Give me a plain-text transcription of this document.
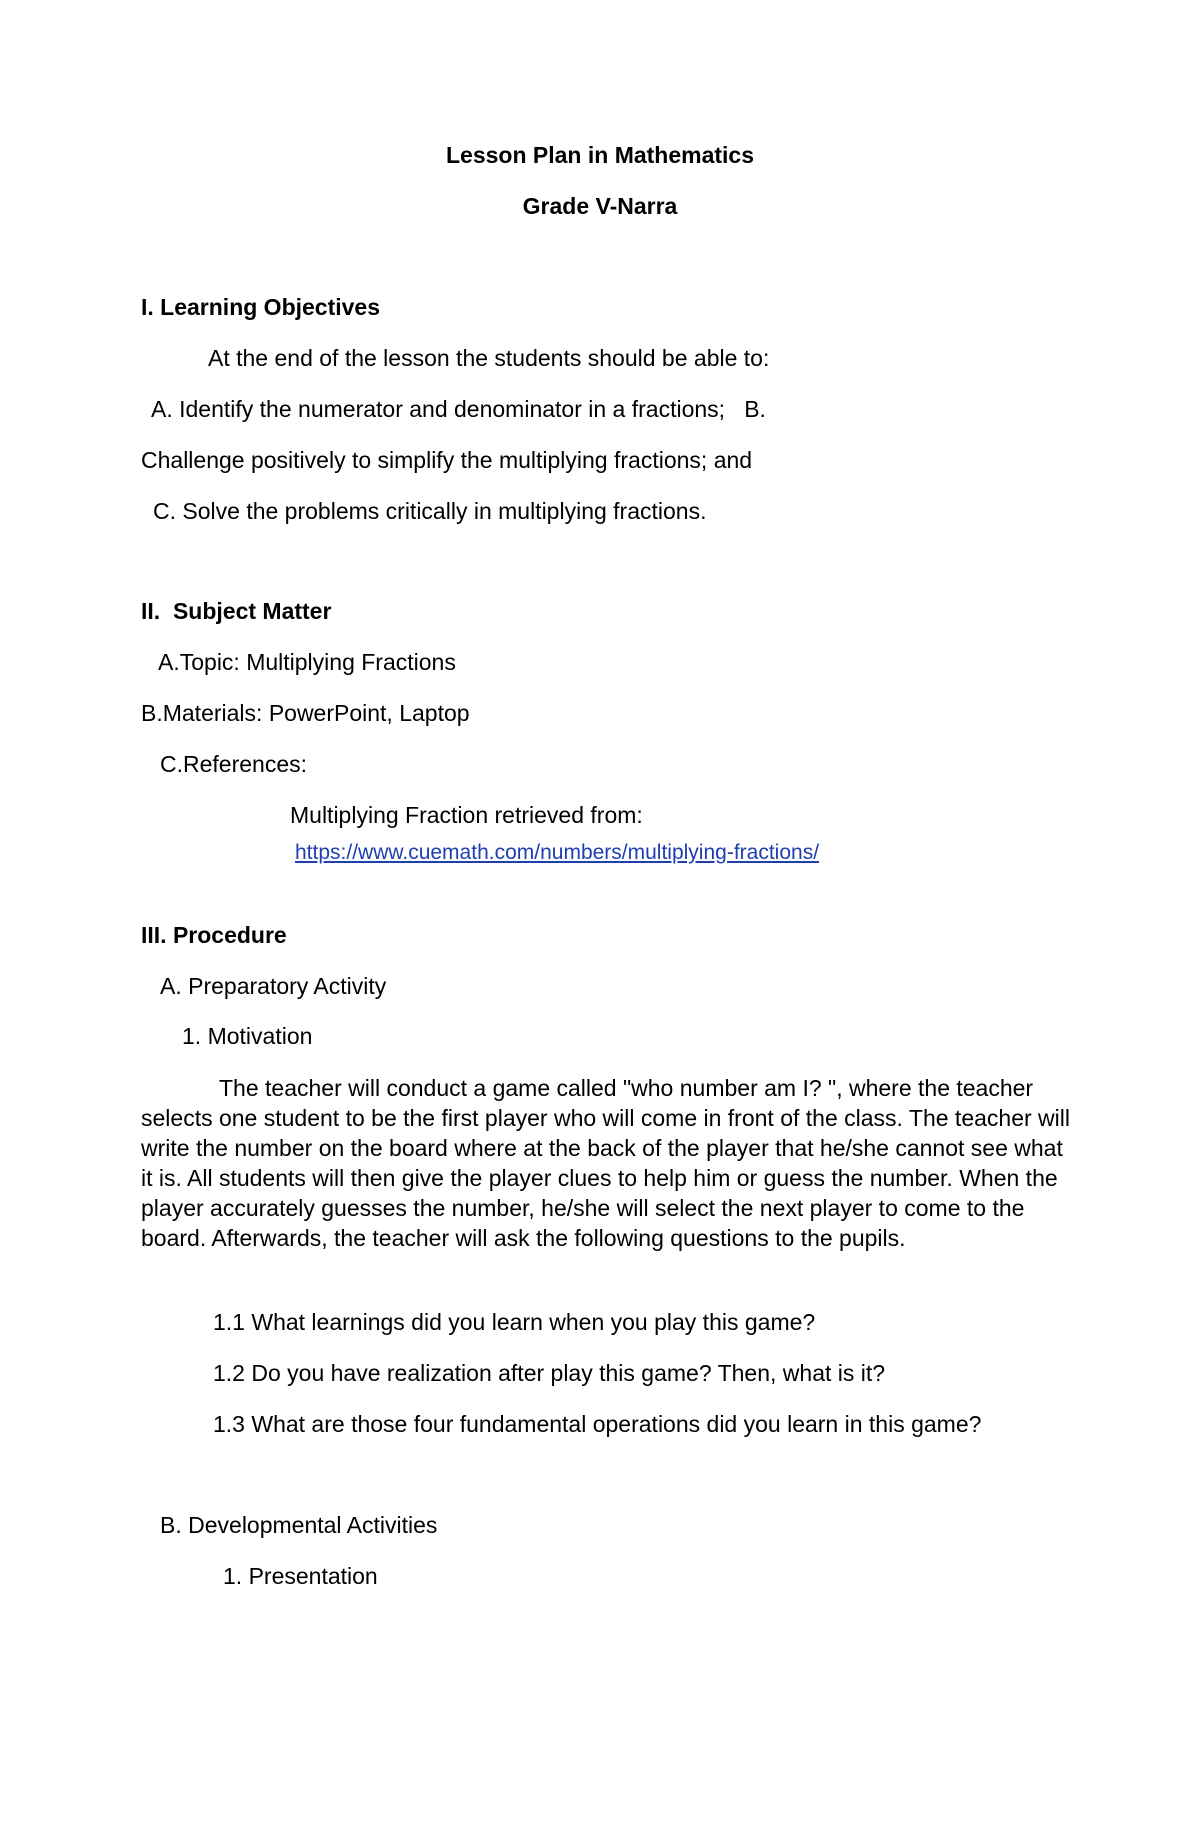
Lesson Plan in Mathematics
Grade V-Narra
I. Learning Objectives
At the end of the lesson the students should be able to:
A. Identify the numerator and denominator in a fractions;   B.
Challenge positively to simplify the multiplying fractions; and
C. Solve the problems critically in multiplying fractions.
II.  Subject Matter
A.Topic: Multiplying Fractions
B.Materials: PowerPoint, Laptop
C.References:
Multiplying Fraction retrieved from:
https://www.cuemath.com/numbers/multiplying-fractions/
III. Procedure
A. Preparatory Activity
1. Motivation
The teacher will conduct a game called "who number am I? ", where the teacher selects one student to be the first player who will come in front of the class. The teacher will write the number on the board where at the back of the player that he/she cannot see what it is. All students will then give the player clues to help him or guess the number. When the player accurately guesses the number, he/she will select the next player to come to the board. Afterwards, the teacher will ask the following questions to the pupils.
1.1 What learnings did you learn when you play this game?
1.2 Do you have realization after play this game? Then, what is it?
1.3 What are those four fundamental operations did you learn in this game?
B. Developmental Activities
1. Presentation
